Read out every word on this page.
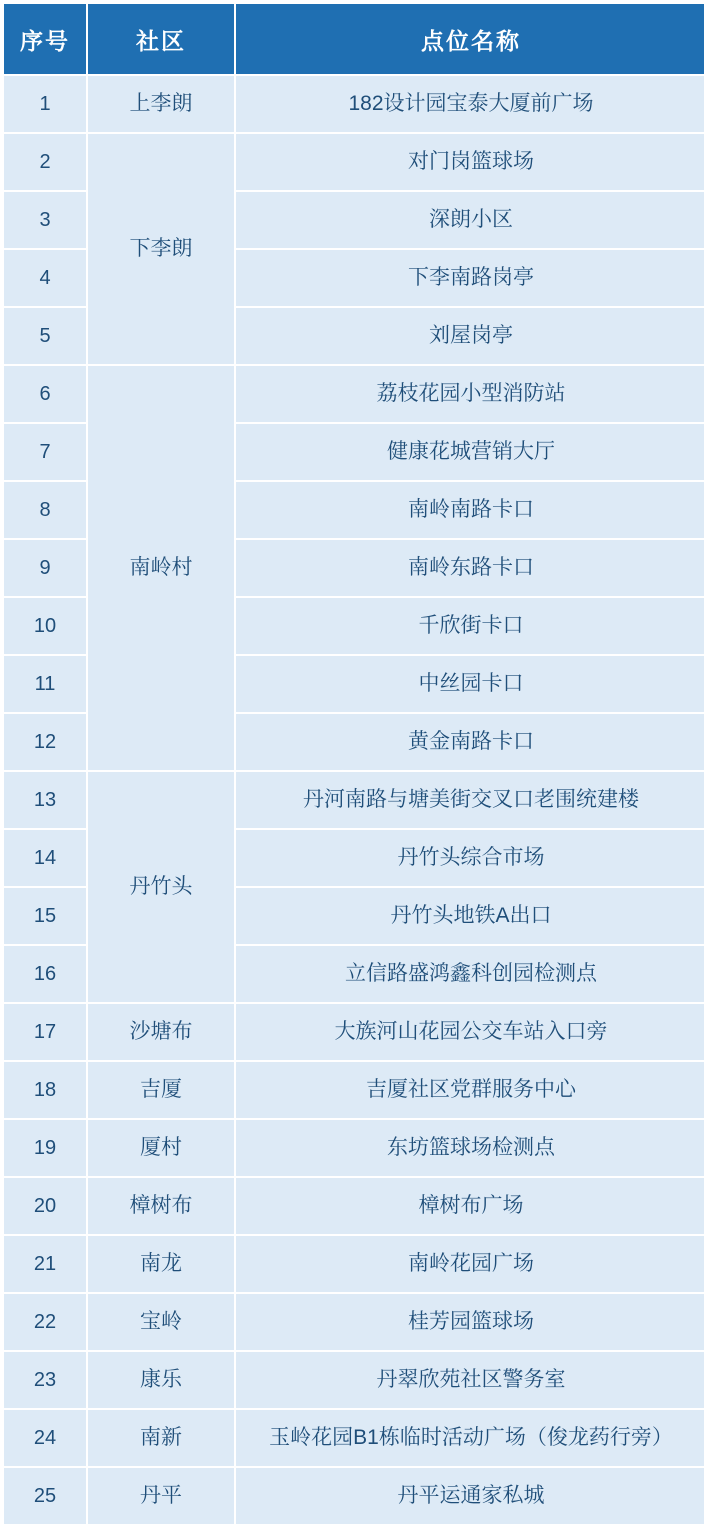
序号	社区	点位名称
1	上李朗	182设计园宝泰大厦前广场
2	下李朗	对门岗篮球场
3		深朗小区
4		下李南路岗亭
5		刘屋岗亭
6	南岭村	荔枝花园小型消防站
7		健康花城营销大厅
8		南岭南路卡口
9		南岭东路卡口
10		千欣街卡口
11		中丝园卡口
12		黄金南路卡口
13	丹竹头	丹河南路与塘美街交叉口老围统建楼
14		丹竹头综合市场
15		丹竹头地铁A出口
16		立信路盛鸿鑫科创园检测点
17	沙塘布	大族河山花园公交车站入口旁
18	吉厦	吉厦社区党群服务中心
19	厦村	东坊篮球场检测点
20	樟树布	樟树布广场
21	南龙	南岭花园广场
22	宝岭	桂芳园篮球场
23	康乐	丹翠欣苑社区警务室
24	南新	玉岭花园B1栋临时活动广场（俊龙药行旁）
25	丹平	丹平运通家私城
